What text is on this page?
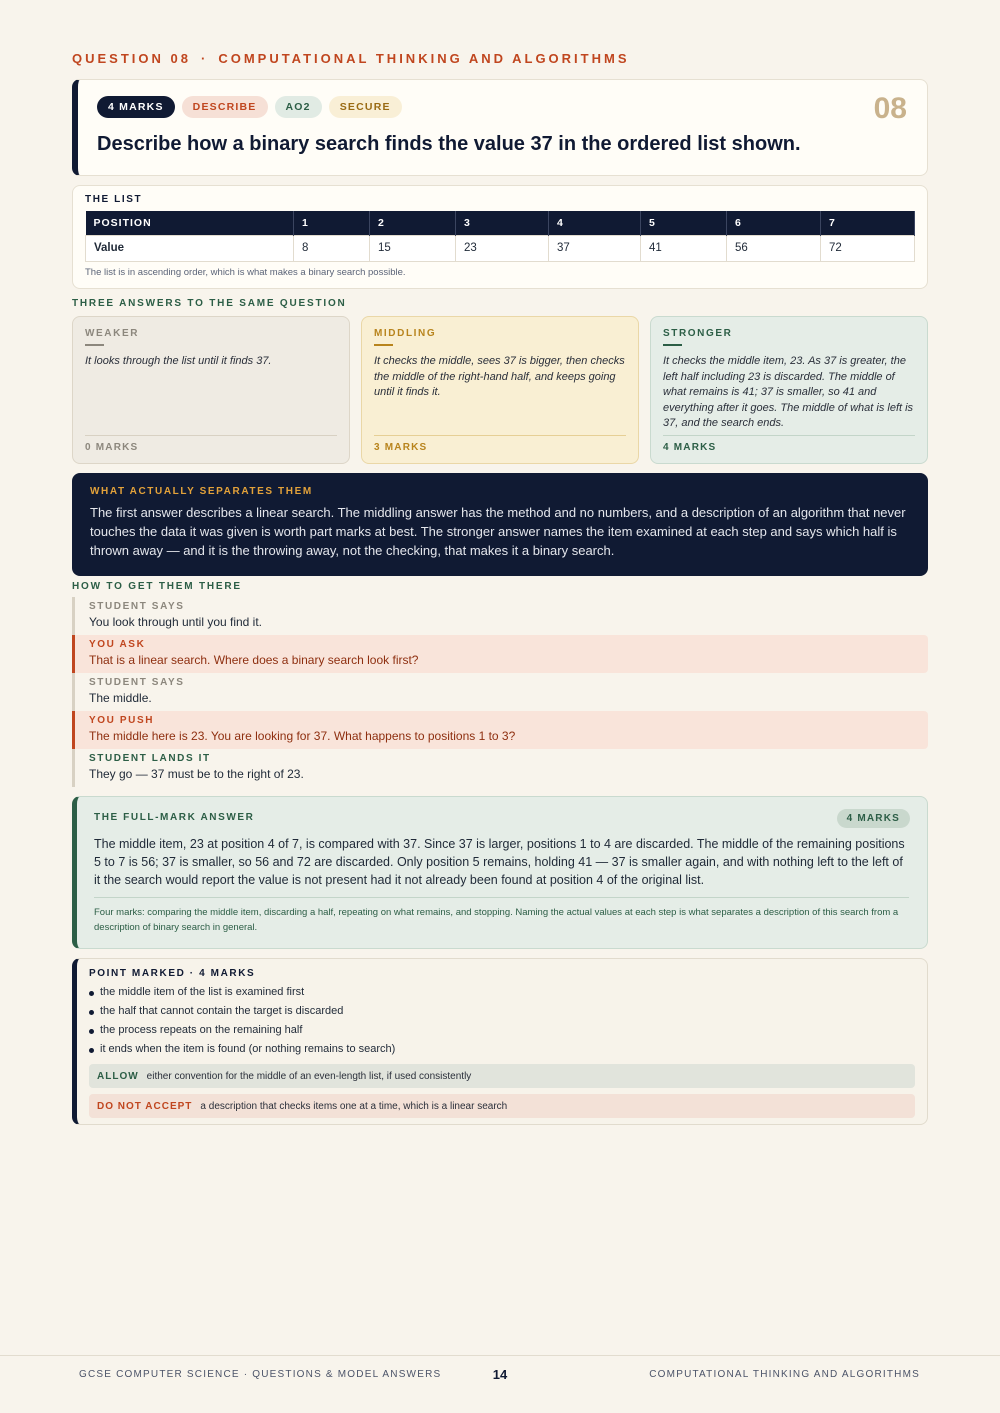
QUESTION 08 · COMPUTATIONAL THINKING AND ALGORITHMS
4 MARKS	DESCRIBE	AO2	SECURE	08
Describe how a binary search finds the value 37 in the ordered list shown.
THE LIST
POSITION	1	2	3	4	5	6	7
Value	8	15	23	37	41	56	72
The list is in ascending order, which is what makes a binary search possible.
THREE ANSWERS TO THE SAME QUESTION
WEAKER
It looks through the list until it finds 37.
0 MARKS
MIDDLING
It checks the middle, sees 37 is bigger, then checks the middle of the right-hand half, and keeps going until it finds it.
3 MARKS
STRONGER
It checks the middle item, 23. As 37 is greater, the left half including 23 is discarded. The middle of what remains is 41; 37 is smaller, so 41 and everything after it goes. The middle of what is left is 37, and the search ends.
4 MARKS
WHAT ACTUALLY SEPARATES THEM
The first answer describes a linear search. The middling answer has the method and no numbers, and a description of an algorithm that never touches the data it was given is worth part marks at best. The stronger answer names the item examined at each step and says which half is thrown away — and it is the throwing away, not the checking, that makes it a binary search.
HOW TO GET THEM THERE
STUDENT SAYS
You look through until you find it.
YOU ASK
That is a linear search. Where does a binary search look first?
STUDENT SAYS
The middle.
YOU PUSH
The middle here is 23. You are looking for 37. What happens to positions 1 to 3?
STUDENT LANDS IT
They go — 37 must be to the right of 23.
THE FULL-MARK ANSWER	4 MARKS
The middle item, 23 at position 4 of 7, is compared with 37. Since 37 is larger, positions 1 to 4 are discarded. The middle of the remaining positions 5 to 7 is 56; 37 is smaller, so 56 and 72 are discarded. Only position 5 remains, holding 41 — 37 is smaller again, and with nothing left to the left of it the search would report the value is not present had it not already been found at position 4 of the original list.
Four marks: comparing the middle item, discarding a half, repeating on what remains, and stopping. Naming the actual values at each step is what separates a description of this search from a description of binary search in general.
POINT MARKED · 4 MARKS
the middle item of the list is examined first
the half that cannot contain the target is discarded
the process repeats on the remaining half
it ends when the item is found (or nothing remains to search)
ALLOW either convention for the middle of an even-length list, if used consistently
DO NOT ACCEPT a description that checks items one at a time, which is a linear search
GCSE COMPUTER SCIENCE · QUESTIONS & MODEL ANSWERS	14	COMPUTATIONAL THINKING AND ALGORITHMS
